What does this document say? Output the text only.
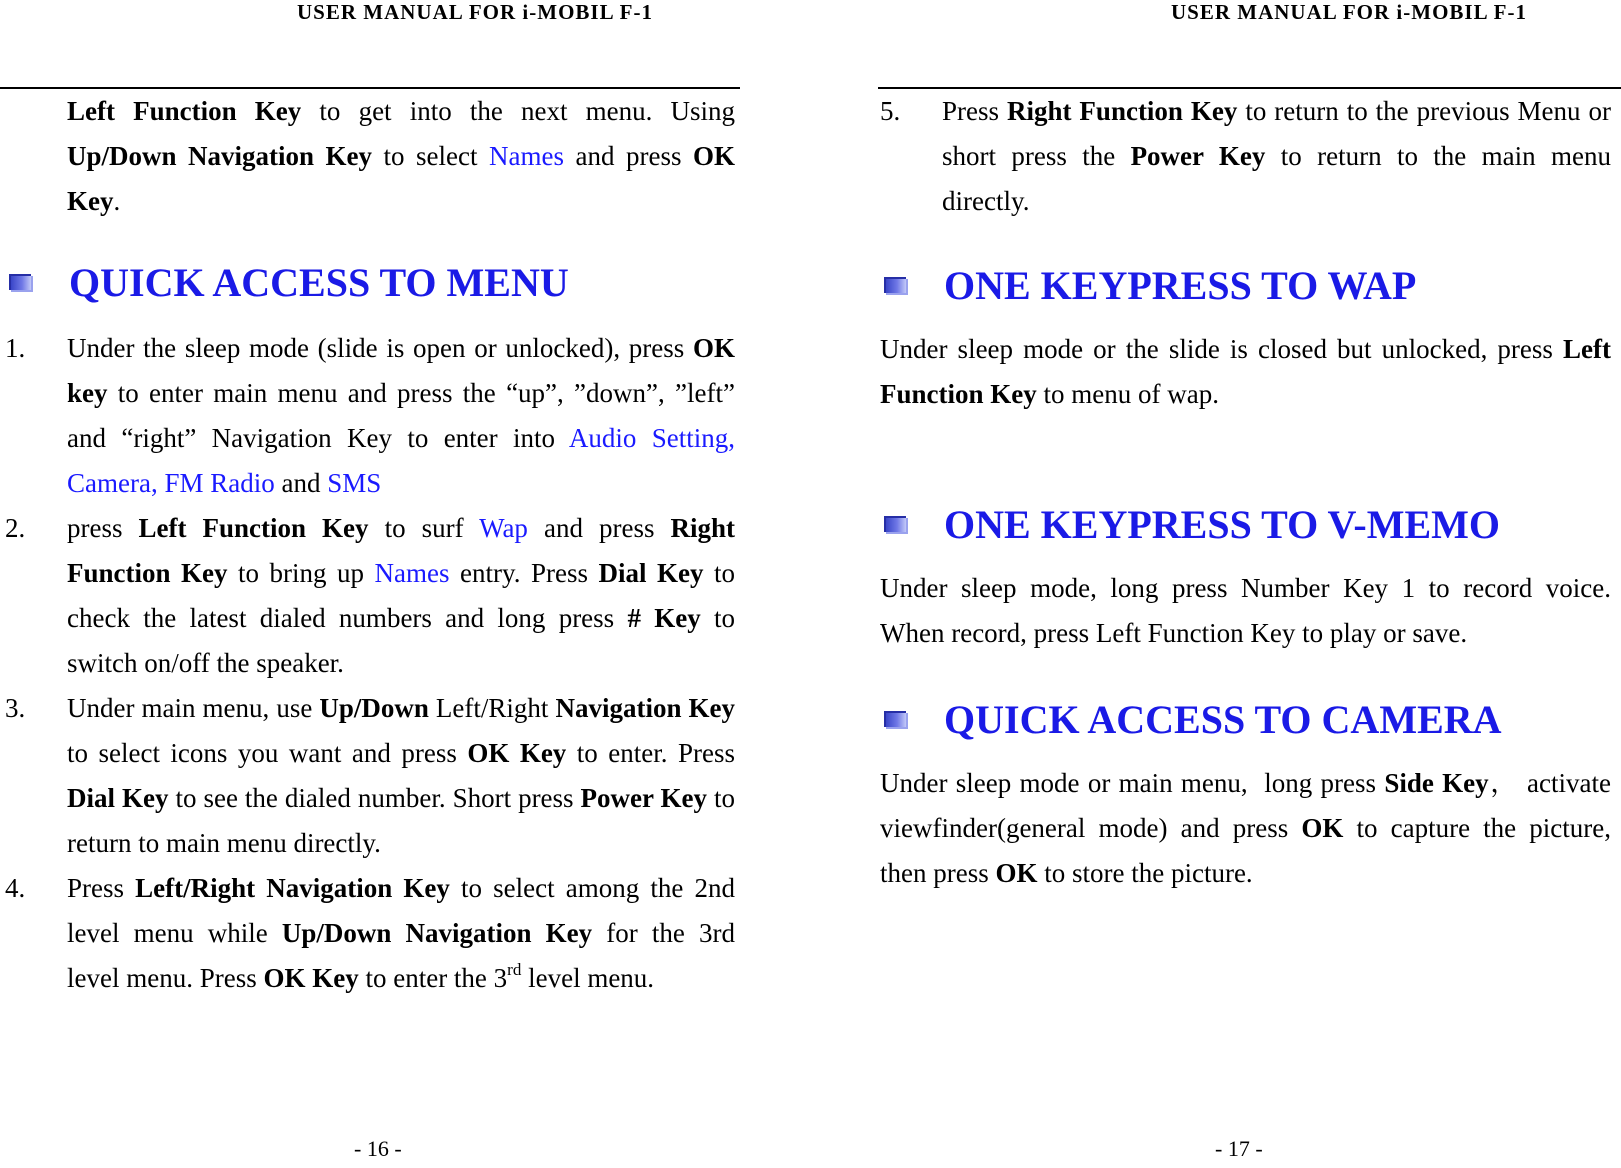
USER MANUAL FOR i-MOBIL F-1

Left Function Key to get into the next menu. Using Up/Down Navigation Key to select Names and press OK Key.

QUICK ACCESS TO MENU
1.	Under the sleep mode (slide is open or unlocked), press OK key to enter main menu and press the “up”, ”down”, ”left” and “right” Navigation Key to enter into Audio Setting, Camera, FM Radio and SMS
2.	press Left Function Key to surf Wap and press Right Function Key to bring up Names entry. Press Dial Key to check the latest dialed numbers and long press # Key to switch on/off the speaker.
3.	Under main menu, use Up/Down Left/Right Navigation Key to select icons you want and press OK Key to enter. Press Dial Key to see the dialed number. Short press Power Key to return to main menu directly.
4.	Press Left/Right Navigation Key to select among the 2nd level menu while Up/Down Navigation Key for the 3rd level menu. Press OK Key to enter the 3rd level menu.
- 16 -
USER MANUAL FOR i-MOBIL F-1
5.	Press Right Function Key to return to the previous Menu or short press the Power Key to return to the main menu directly.
ONE KEYPRESS TO WAP

Under sleep mode or the slide is closed but unlocked, press Left Function Key to menu of wap.

ONE KEYPRESS TO V-MEMO

Under sleep mode, long press Number Key 1 to record voice. When record, press Left Function Key to play or save.

QUICK ACCESS TO CAMERA

Under sleep mode or main menu,  long press Side Key， activate viewfinder(general mode) and press OK to capture the picture, then press OK to store the picture.

- 17 -
